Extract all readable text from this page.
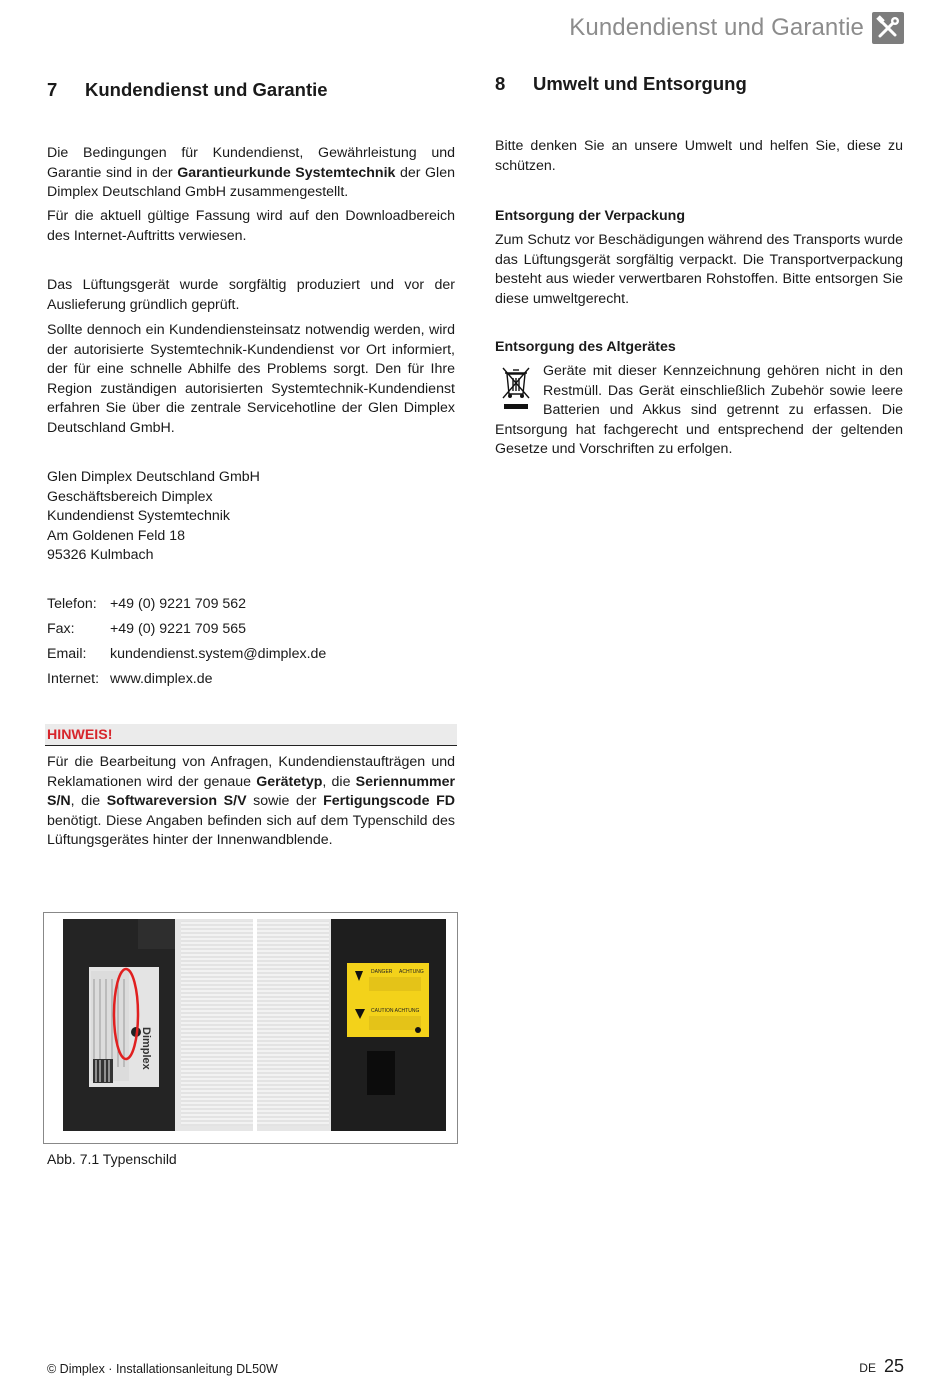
Kundendienst und Garantie
7	Kundendienst und Garantie

Die Bedingungen für Kundendienst, Gewährleistung und Garantie sind in der Garantieurkunde Systemtechnik der Glen Dimplex Deutschland GmbH zusammengestellt.

Für die aktuell gültige Fassung wird auf den Downloadbereich des Internet-Auftritts verwiesen.

Das Lüftungsgerät wurde sorgfältig produziert und vor der Auslieferung gründlich geprüft.

Sollte dennoch ein Kundendiensteinsatz notwendig werden, wird der autorisierte Systemtechnik-Kundendienst vor Ort informiert, der für eine schnelle Abhilfe des Problems sorgt. Den für Ihre Region zuständigen autorisierten Systemtechnik-Kundendienst erfahren Sie über die zentrale Servicehotline der Glen Dimplex Deutschland GmbH.

Glen Dimplex Deutschland GmbH
Geschäftsbereich Dimplex
Kundendienst Systemtechnik
Am Goldenen Feld 18
95326 Kulmbach
Telefon: +49 (0) 9221 709 562
Fax:	+49 (0) 9221 709 565
Email:	kundendienst.system@dimplex.de
Internet: www.dimplex.de
HINWEIS!

Für die Bearbeitung von Anfragen, Kundendienstaufträgen und Reklamationen wird der genaue Gerätetyp, die Seriennummer S/N, die Softwareversion S/V sowie der Fertigungscode FD benötigt. Diese Angaben befinden sich auf dem Typenschild des Lüftungsgerätes hinter der Innenwandblende.

Dimplex
DANGER ACHTUNG
CAUTION ACHTUNG
Abb. 7.1 Typenschild
8	Umwelt und Entsorgung

Bitte denken Sie an unsere Umwelt und helfen Sie, diese zu schützen.

Entsorgung der Verpackung

Zum Schutz vor Beschädigungen während des Transports wurde das Lüftungsgerät sorgfältig verpackt. Die Transportverpackung besteht aus wieder verwertbaren Rohstoffen. Bitte entsorgen Sie diese umweltgerecht.

Entsorgung des Altgerätes

Geräte mit dieser Kennzeichnung gehören nicht in den Restmüll. Das Gerät einschließlich Zubehör sowie leere Batterien und Akkus sind getrennt zu erfassen. Die Entsorgung hat fachgerecht und entsprechend der geltenden Gesetze und Vorschriften zu erfolgen.

© Dimplex · Installationsanleitung DL50W	DE 25
